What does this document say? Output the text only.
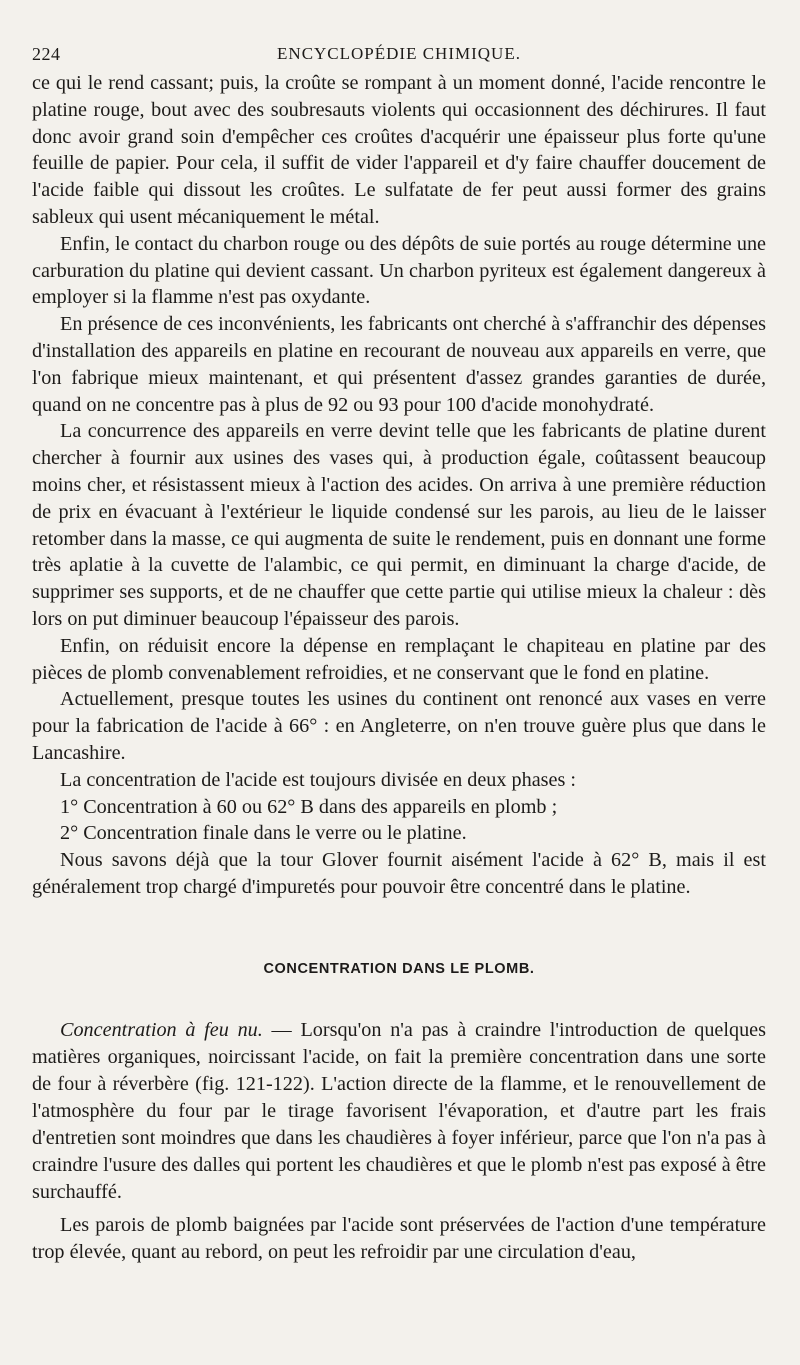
224	ENCYCLOPÉDIE CHIMIQUE.

ce qui le rend cassant; puis, la croûte se rompant à un moment donné, l'acide rencontre le platine rouge, bout avec des soubresauts violents qui occasionnent des déchirures. Il faut donc avoir grand soin d'empêcher ces croûtes d'acquérir une épaisseur plus forte qu'une feuille de papier. Pour cela, il suffit de vider l'appareil et d'y faire chauffer doucement de l'acide faible qui dissout les croûtes. Le sulfatate de fer peut aussi former des grains sableux qui usent mécaniquement le métal.

Enfin, le contact du charbon rouge ou des dépôts de suie portés au rouge détermine une carburation du platine qui devient cassant. Un charbon pyriteux est également dangereux à employer si la flamme n'est pas oxydante.

En présence de ces inconvénients, les fabricants ont cherché à s'affranchir des dépenses d'installation des appareils en platine en recourant de nouveau aux appareils en verre, que l'on fabrique mieux maintenant, et qui présentent d'assez grandes garanties de durée, quand on ne concentre pas à plus de 92 ou 93 pour 100 d'acide monohydraté.

La concurrence des appareils en verre devint telle que les fabricants de platine durent chercher à fournir aux usines des vases qui, à production égale, coûtassent beaucoup moins cher, et résistassent mieux à l'action des acides. On arriva à une première réduction de prix en évacuant à l'extérieur le liquide condensé sur les parois, au lieu de le laisser retomber dans la masse, ce qui augmenta de suite le rendement, puis en donnant une forme très aplatie à la cuvette de l'alambic, ce qui permit, en diminuant la charge d'acide, de supprimer ses supports, et de ne chauffer que cette partie qui utilise mieux la chaleur : dès lors on put diminuer beaucoup l'épaisseur des parois.

Enfin, on réduisit encore la dépense en remplaçant le chapiteau en platine par des pièces de plomb convenablement refroidies, et ne conservant que le fond en platine.

Actuellement, presque toutes les usines du continent ont renoncé aux vases en verre pour la fabrication de l'acide à 66° : en Angleterre, on n'en trouve guère plus que dans le Lancashire.

La concentration de l'acide est toujours divisée en deux phases :

1° Concentration à 60 ou 62° B dans des appareils en plomb ;

2° Concentration finale dans le verre ou le platine.

Nous savons déjà que la tour Glover fournit aisément l'acide à 62° B, mais il est généralement trop chargé d'impuretés pour pouvoir être concentré dans le platine.

CONCENTRATION DANS LE PLOMB.

Concentration à feu nu. — Lorsqu'on n'a pas à craindre l'introduction de quelques matières organiques, noircissant l'acide, on fait la première concentration dans une sorte de four à réverbère (fig. 121-122). L'action directe de la flamme, et le renouvellement de l'atmosphère du four par le tirage favorisent l'évaporation, et d'autre part les frais d'entretien sont moindres que dans les chaudières à foyer inférieur, parce que l'on n'a pas à craindre l'usure des dalles qui portent les chaudières et que le plomb n'est pas exposé à être surchauffé.

Les parois de plomb baignées par l'acide sont préservées de l'action d'une température trop élevée, quant au rebord, on peut les refroidir par une circulation d'eau,
